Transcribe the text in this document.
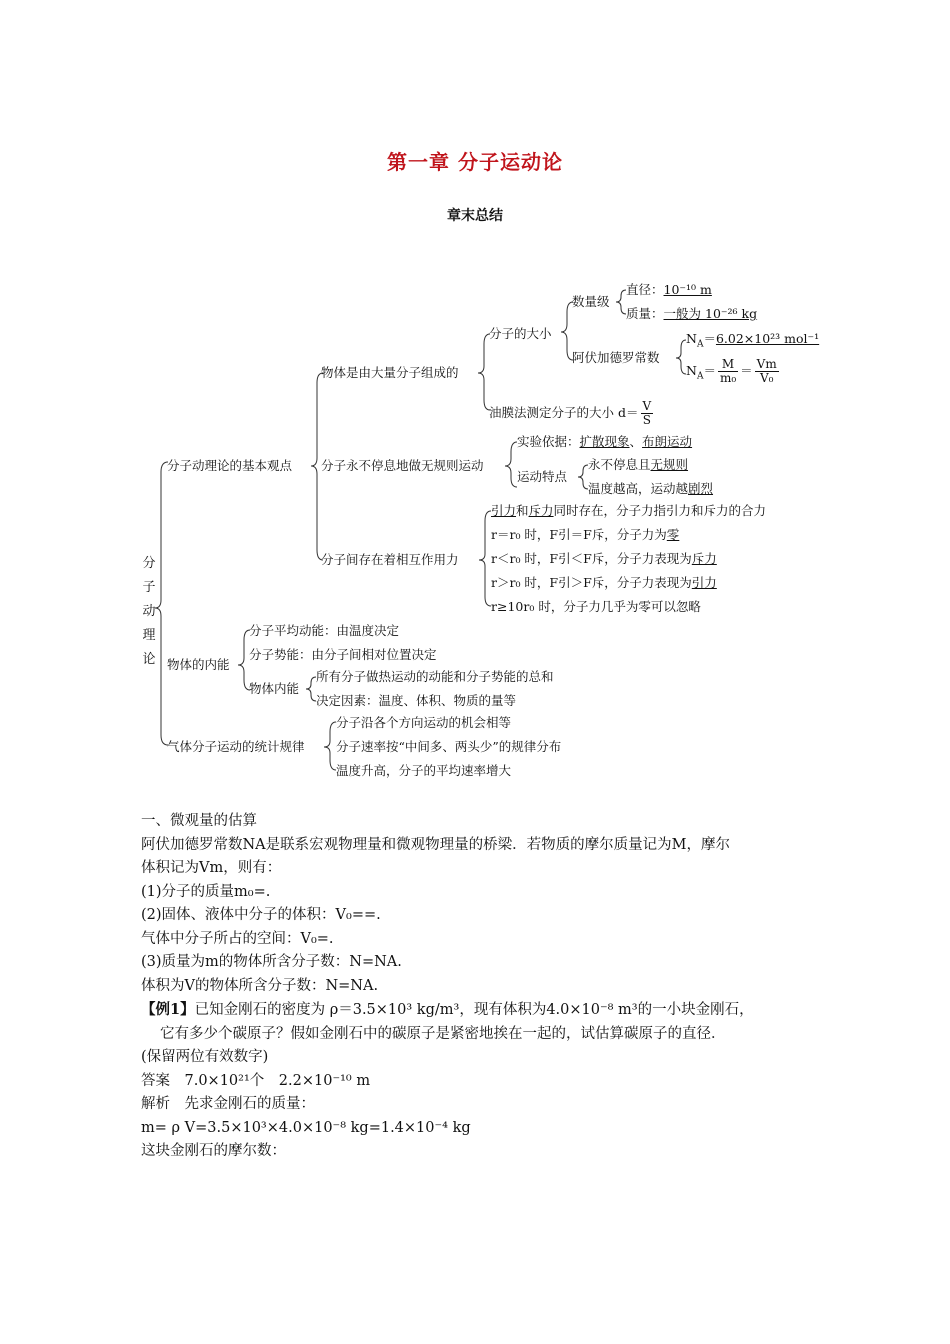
第一章 分子运动论
章末总结
分
子
动
理
论
分子动理论的基本观点
物体是由大量分子组成的
分子的大小
数量级
直径：10⁻¹⁰ m
质量：一般为 10⁻²⁶ kg
阿伏加德罗常数
$N_A=6.02\times 10^{23}$ mol⁻¹
$N_A= \frac{M}{\text{m₀}} = \frac{Vm}{\text{V₀}}$
油膜法测定分子的大小 $d= \frac{V}{S}$
分子永不停息地做无规则运动
实验依据：扩散现象、布朗运动
运动特点
永不停息且无规则
温度越高，运动越剧烈
分子间存在着相互作用力
引力和斥力同时存在，分子力指引力和斥力的合力
r＝r₀ 时，F引＝F斥，分子力为零
r＜r₀ 时，F引＜F斥，分子力表现为斥力
r＞r₀ 时，F引＞F斥，分子力表现为引力
r≥10r₀ 时，分子力几乎为零可以忽略
物体的内能
分子平均动能：由温度决定
分子势能：由分子间相对位置决定
物体内能
所有分子做热运动的动能和分子势能的总和
决定因素：温度、体积、物质的量等
气体分子运动的统计规律
分子沿各个方向运动的机会相等
分子速率按“中间多、两头少”的规律分布
温度升高，分子的平均速率增大

一、微观量的估算

阿伏加德罗常数NA是联系宏观物理量和微观物理量的桥梁．若物质的摩尔质量记为M，摩尔

体积记为Vm，则有：

(1)分子的质量m₀=.

(2)固体、液体中分子的体积：V₀==.

气体中分子所占的空间：V₀=.

(3)质量为m的物体所含分子数：N=NA.

体积为V的物体所含分子数：N=NA.

【例1】已知金刚石的密度为 ρ＝3.5×10³ kg/m³，现有体积为4.0×10⁻⁸ m³的一小块金刚石，

它有多少个碳原子？假如金刚石中的碳原子是紧密地挨在一起的，试估算碳原子的直径．

(保留两位有效数字)

答案　7.0×10²¹个　2.2×10⁻¹⁰ m

解析　先求金刚石的质量：

m= ρ V=3.5×10³×4.0×10⁻⁸ kg=1.4×10⁻⁴ kg

这块金刚石的摩尔数：
